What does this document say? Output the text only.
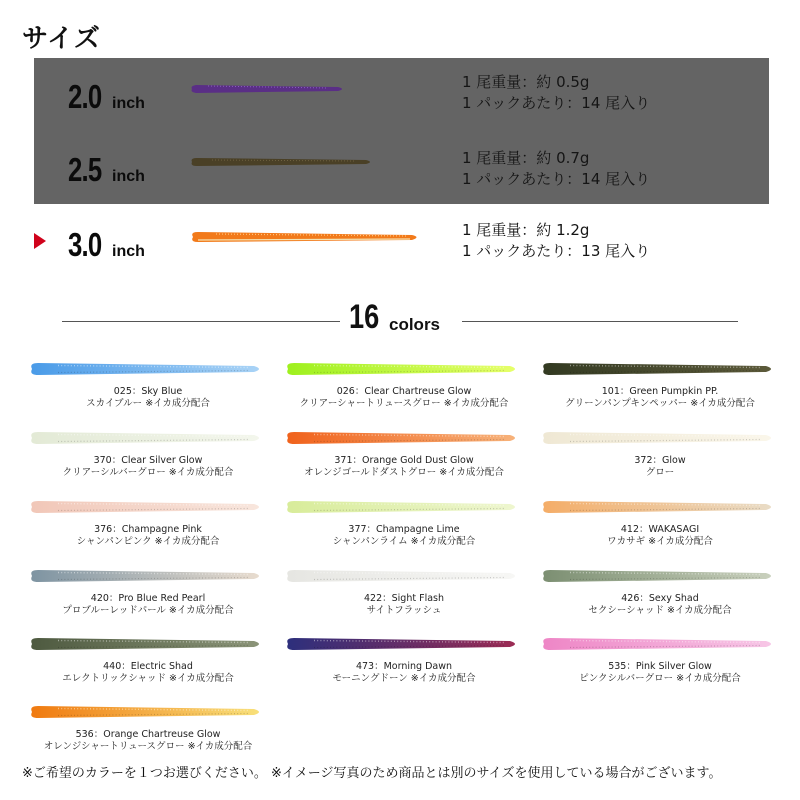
サイズ
2.0 inch
1 尾重量：約 0.5g
1 パックあたり：14 尾入り
2.5 inch
1 尾重量：約 0.7g
1 パックあたり：14 尾入り
3.0 inch
1 尾重量：約 1.2g
1 パックあたり：13 尾入り
16 colors
025：Sky Blue
スカイブルー ※イカ成分配合
026：Clear Chartreuse Glow
クリアーシャートリュースグロー ※イカ成分配合
101：Green Pumpkin PP.
グリーンパンプキンペッパー ※イカ成分配合
370：Clear Silver Glow
クリアーシルバーグロー ※イカ成分配合
371：Orange Gold Dust Glow
オレンジゴールドダストグロー ※イカ成分配合
372：Glow
グロー
376：Champagne Pink
シャンパンピンク ※イカ成分配合
377：Champagne Lime
シャンパンライム ※イカ成分配合
412：WAKASAGI
ワカサギ ※イカ成分配合
420：Pro Blue Red Pearl
プロブルーレッドパール ※イカ成分配合
422：Sight Flash
サイトフラッシュ
426：Sexy Shad
セクシーシャッド ※イカ成分配合
440：Electric Shad
エレクトリックシャッド ※イカ成分配合
473：Morning Dawn
モーニングドーン ※イカ成分配合
535：Pink Silver Glow
ピンクシルバーグロー ※イカ成分配合
536：Orange Chartreuse Glow
オレンジシャートリュースグロー ※イカ成分配合
※ご希望のカラーを１つお選びください。 ※イメージ写真のため商品とは別のサイズを使用している場合がございます。
